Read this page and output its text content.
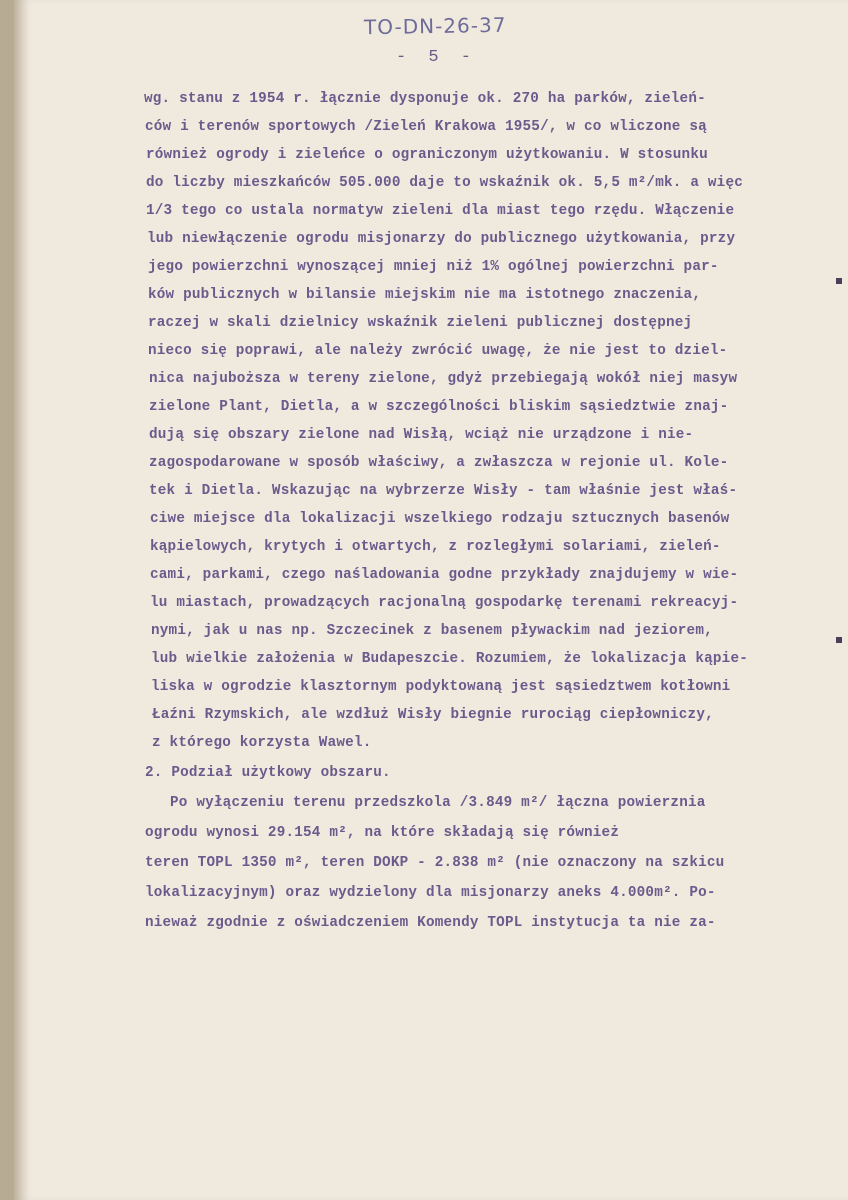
TO-DN-26-37
- 5 -
wg. stanu z 1954 r. łącznie dysponuje ok. 270 ha parków, zieleń-
ców i terenów sportowych /Zieleń Krakowa 1955/, w co wliczone są
również ogrody i zieleńce o ograniczonym użytkowaniu. W stosunku
do liczby mieszkańców 505.000 daje to wskaźnik ok. 5,5 m²/mk. a więc
1/3 tego co ustala normatyw zieleni dla miast tego rzędu. Włączenie
lub niewłączenie ogrodu misjonarzy do publicznego użytkowania, przy
jego powierzchni wynoszącej mniej niż 1% ogólnej powierzchni par-
ków publicznych w bilansie miejskim nie ma istotnego znaczenia,
raczej w skali dzielnicy wskaźnik zieleni publicznej dostępnej
nieco się poprawi, ale należy zwrócić uwagę, że nie jest to dziel-
nica najuboższa w tereny zielone, gdyż przebiegają wokół niej masyw
zielone Plant, Dietla, a w szczególności bliskim sąsiedztwie znaj-
dują się obszary zielone nad Wisłą, wciąż nie urządzone i nie-
zagospodarowane w sposób właściwy, a zwłaszcza w rejonie ul. Kole-
tek i Dietla. Wskazując na wybrzerze Wisły - tam właśnie jest właś-
ciwe miejsce dla lokalizacji wszelkiego rodzaju sztucznych basenów
kąpielowych, krytych i otwartych, z rozległymi solariami, zieleń-
cami, parkami, czego naśladowania godne przykłady znajdujemy w wie-
lu miastach, prowadzących racjonalną gospodarkę terenami rekreacyj-
nymi, jak u nas np. Szczecinek z basenem pływackim nad jeziorem,
lub wielkie założenia w Budapeszcie. Rozumiem, że lokalizacja kąpie-
liska w ogrodzie klasztornym podyktowaną jest sąsiedztwem kotłowni
Łaźni Rzymskich, ale wzdłuż Wisły biegnie rurociąg ciepłowniczy,
z którego korzysta Wawel.
2. Podział użytkowy obszaru.
Po wyłączeniu terenu przedszkola /3.849 m²/ łączna powierznia
ogrodu wynosi 29.154 m², na które składają się również
teren TOPL 1350 m², teren DOKP - 2.838 m² (nie oznaczony na szkicu
lokalizacyjnym) oraz wydzielony dla misjonarzy aneks 4.000m². Po-
nieważ zgodnie z oświadczeniem Komendy TOPL instytucja ta nie za-
